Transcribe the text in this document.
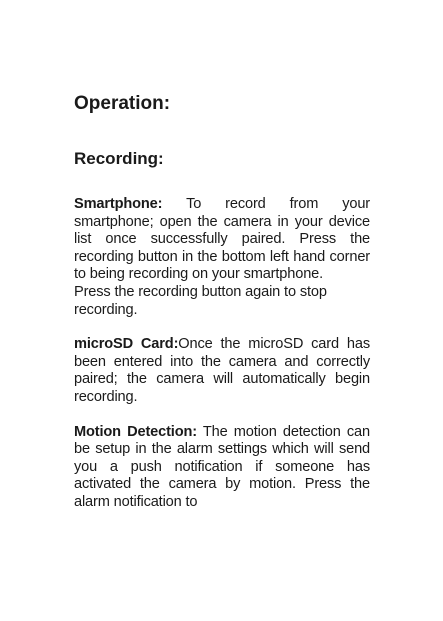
Operation:
Recording:

Smartphone: To record from your smartphone; open the camera in your device list once successfully paired. Press the recording button in the bottom left hand corner to being recording on your smartphone.

Press the recording button again to stop recording.

microSD Card:Once the microSD card has been entered into the camera and correctly paired; the camera will automatically begin recording.

Motion Detection: The motion detection can be setup in the alarm settings which will send you a push notification if someone has activated the camera by motion. Press the alarm notification to
